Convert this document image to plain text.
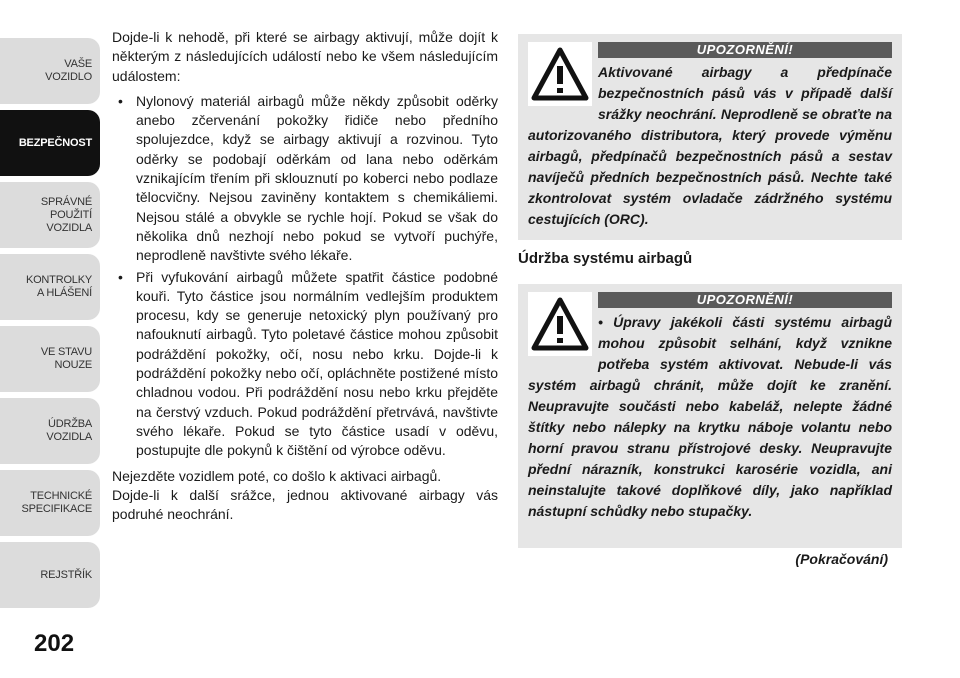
VAŠE
VOZIDLO
BEZPEČNOST
SPRÁVNÉ
POUŽITÍ
VOZIDLA
KONTROLKY
A HLÁŠENÍ
VE STAVU
NOUZE
ÚDRŽBA
VOZIDLA
TECHNICKÉ
SPECIFIKACE
REJSTŘÍK
202

Dojde-li k nehodě, při které se airbagy aktivují, může dojít k některým z následujících událostí nebo ke všem následujícím událostem:

• Nylonový materiál airbagů může někdy způsobit oděrky anebo zčervenání pokožky řidiče nebo předního spolujezdce, když se airbagy aktivují a rozvinou. Tyto oděrky se podobají oděrkám od lana nebo oděrkám vznikajícím třením při sklouznutí po koberci nebo podlaze tělocvičny. Nejsou zaviněny kontaktem s chemikáliemi. Nejsou stálé a obvykle se rychle hojí. Pokud se však do několika dnů nezhojí nebo pokud se vytvoří puchýře, neprodleně navštivte svého lékaře.
• Při vyfukování airbagů můžete spatřit částice podobné kouři. Tyto částice jsou normálním vedlejším produktem procesu, kdy se generuje netoxický plyn používaný pro nafouknutí airbagů. Tyto poletavé částice mohou způsobit podráždění pokožky, očí, nosu nebo krku. Dojde-li k podráždění pokožky nebo očí, opláchněte postižené místo chladnou vodou. Při podráždění nosu nebo krku přejděte na čerstvý vzduch. Pokud podráždění přetrvává, navštivte svého lékaře. Pokud se tyto částice usadí v oděvu, postupujte dle pokynů k čištění od výrobce oděvu.

Nejezděte vozidlem poté, co došlo k aktivaci airbagů.

Dojde-li k další srážce, jednou aktivované airbagy vás podruhé neochrání.

UPOZORNĚNÍ!
Aktivované airbagy a předpínače bezpečnostních pásů vás v případě další srážky neochrání. Neprodleně se obraťte na autorizovaného distributora, který provede výměnu airbagů, předpínačů bezpečnostních pásů a sestav navíječů předních bezpečnostních pásů. Nechte také zkontrolovat systém ovladače zádržného systému cestujících (ORC).
Údržba systému airbagů
UPOZORNĚNÍ!
• Úpravy jakékoli části systému airbagů mohou způsobit selhání, když vznikne potřeba systém aktivovat. Nebude-li vás systém airbagů chránit, může dojít ke zranění. Neupravujte součásti nebo kabeláž, nelepte žádné štítky nebo nálepky na krytku náboje volantu nebo horní pravou stranu přístrojové desky. Neupravujte přední nárazník, konstrukci karosérie vozidla, ani neinstalujte takové doplňkové díly, jako například nástupní schůdky nebo stupačky.
(Pokračování)
